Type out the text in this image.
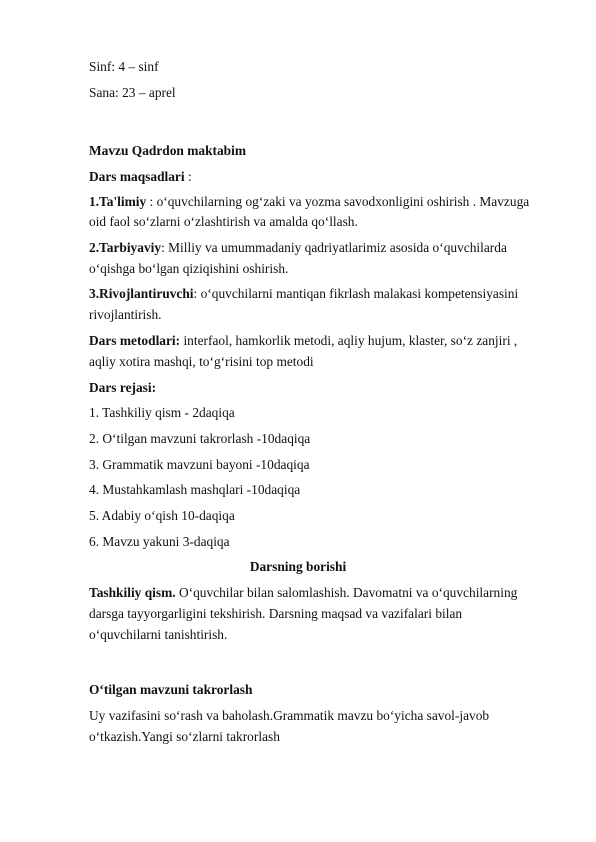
Sinf: 4 – sinf
Sana: 23 – aprel
Mavzu Qadrdon maktabim
Dars maqsadlari :
1.Ta'limiy : o‘quvchilarning og‘zaki va yozma savodxonligini oshirish . Mavzuga
oid faol so‘zlarni o‘zlashtirish va amalda qo‘llash.
2.Tarbiyaviy: Milliy va umummadaniy qadriyatlarimiz asosida o‘quvchilarda
o‘qishga bo‘lgan qiziqishini oshirish.
3.Rivojlantiruvchi: o‘quvchilarni mantiqan fikrlash malakasi kompetensiyasini
rivojlantirish.
Dars metodlari: interfaol, hamkorlik metodi, aqliy hujum, klaster, so‘z zanjiri ,
aqliy xotira mashqi, to‘g‘risini top metodi
Dars rejasi:
1. Tashkiliy qism - 2daqiqa
2. O‘tilgan mavzuni takrorlash -10daqiqa
3. Grammatik mavzuni bayoni -10daqiqa
4. Mustahkamlash mashqlari -10daqiqa
5. Adabiy o‘qish 10-daqiqa
6. Mavzu yakuni 3-daqiqa
Darsning borishi
Tashkiliy qism. O‘quvchilar bilan salomlashish. Davomatni va o‘quvchilarning
darsga tayyorgarligini tekshirish. Darsning maqsad va vazifalari bilan
o‘quvchilarni tanishtirish.
O‘tilgan mavzuni takrorlash
Uy vazifasini so‘rash va baholash.Grammatik mavzu bo‘yicha savol-javob
o‘tkazish.Yangi so‘zlarni takrorlash
